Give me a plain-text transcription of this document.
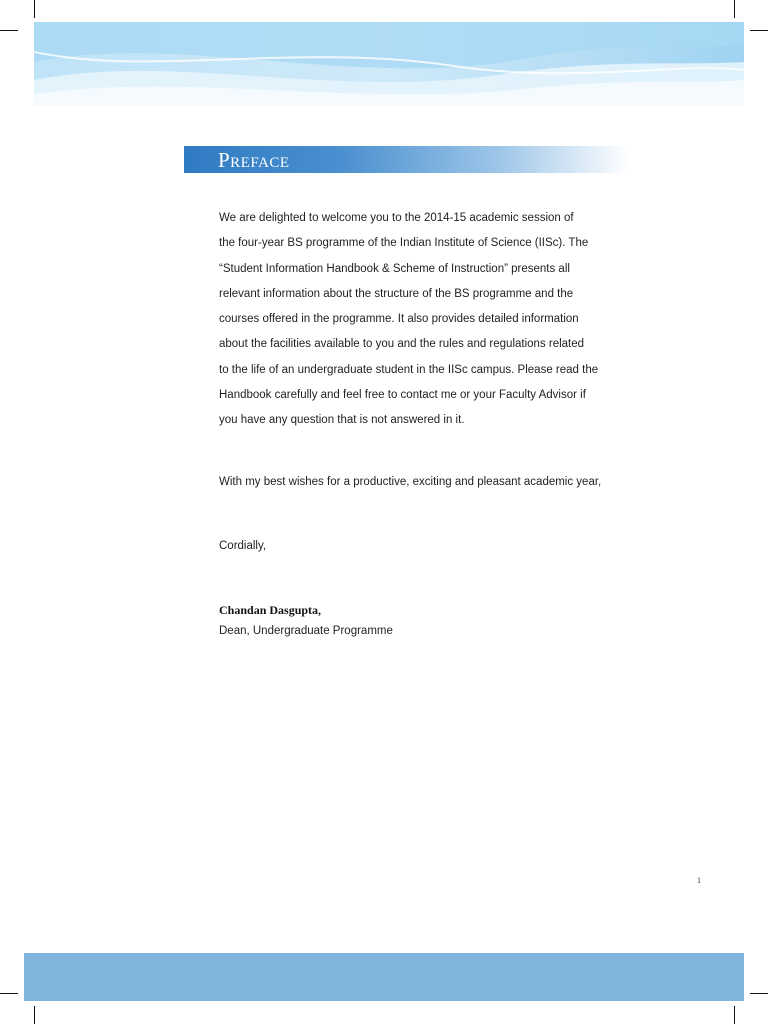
Preface
We are delighted to welcome you to the 2014-15 academic session of
the four-year BS programme of the Indian Institute of Science (IISc). The
“Student Information Handbook & Scheme of Instruction” presents all
relevant information about the structure of the BS programme and the
courses offered in the programme. It also provides detailed information
about the facilities available to you and the rules and regulations related
to the life of an undergraduate student in the IISc campus. Please read the
Handbook carefully and feel free to contact me or your Faculty Advisor if
you have any question that is not answered in it.
With my best wishes for a productive, exciting and pleasant academic year,
Cordially,
Chandan Dasgupta,
Dean, Undergraduate Programme
1
